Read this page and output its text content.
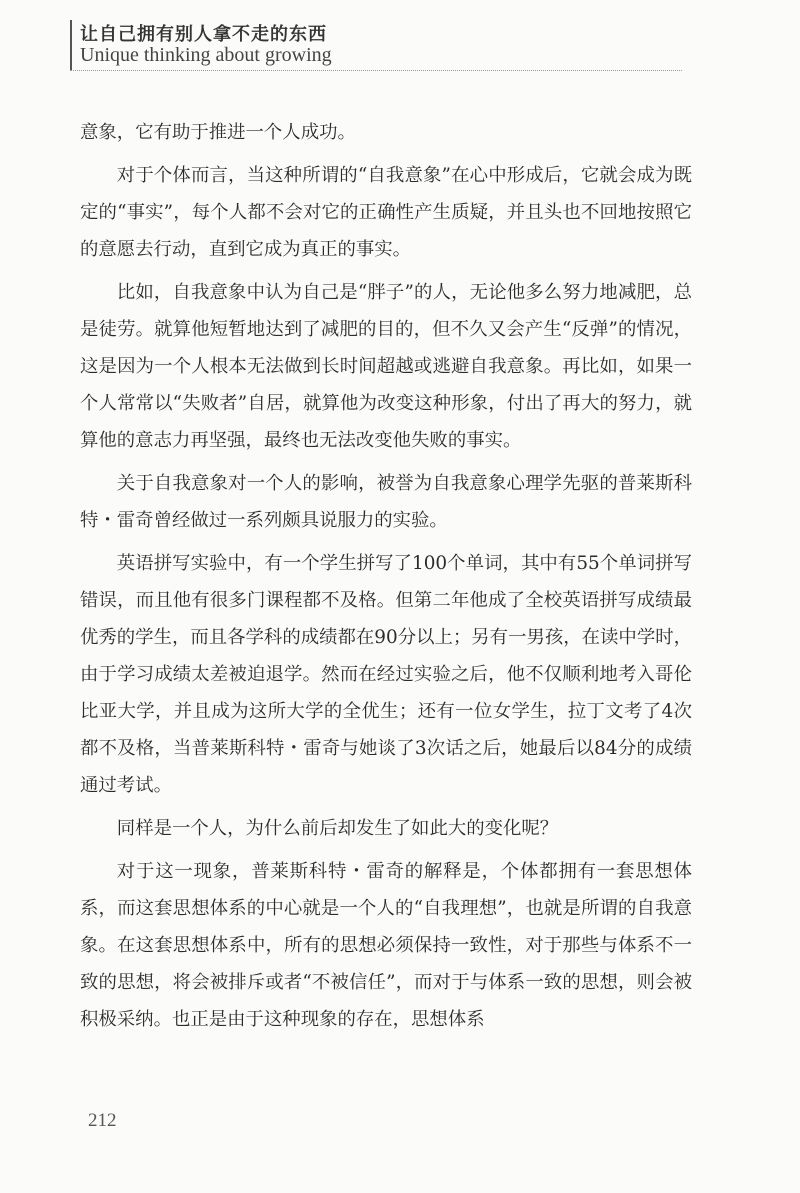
让自己拥有别人拿不走的东西
Unique thinking about growing

意象，它有助于推进一个人成功。

对于个体而言，当这种所谓的“自我意象”在心中形成后，它就会成为既定的“事实”，每个人都不会对它的正确性产生质疑，并且头也不回地按照它的意愿去行动，直到它成为真正的事实。

比如，自我意象中认为自己是“胖子”的人，无论他多么努力地减肥，总是徒劳。就算他短暂地达到了减肥的目的，但不久又会产生“反弹”的情况，这是因为一个人根本无法做到长时间超越或逃避自我意象。再比如，如果一个人常常以“失败者”自居，就算他为改变这种形象，付出了再大的努力，就算他的意志力再坚强，最终也无法改变他失败的事实。

关于自我意象对一个人的影响，被誉为自我意象心理学先驱的普莱斯科特・雷奇曾经做过一系列颇具说服力的实验。

英语拼写实验中，有一个学生拼写了100个单词，其中有55个单词拼写错误，而且他有很多门课程都不及格。但第二年他成了全校英语拼写成绩最优秀的学生，而且各学科的成绩都在90分以上；另有一男孩，在读中学时，由于学习成绩太差被迫退学。然而在经过实验之后，他不仅顺利地考入哥伦比亚大学，并且成为这所大学的全优生；还有一位女学生，拉丁文考了4次都不及格，当普莱斯科特・雷奇与她谈了3次话之后，她最后以84分的成绩通过考试。

同样是一个人，为什么前后却发生了如此大的变化呢？

对于这一现象，普莱斯科特・雷奇的解释是，个体都拥有一套思想体系，而这套思想体系的中心就是一个人的“自我理想”，也就是所谓的自我意象。在这套思想体系中，所有的思想必须保持一致性，对于那些与体系不一致的思想，将会被排斥或者“不被信任”，而对于与体系一致的思想，则会被积极采纳。也正是由于这种现象的存在，思想体系

212
